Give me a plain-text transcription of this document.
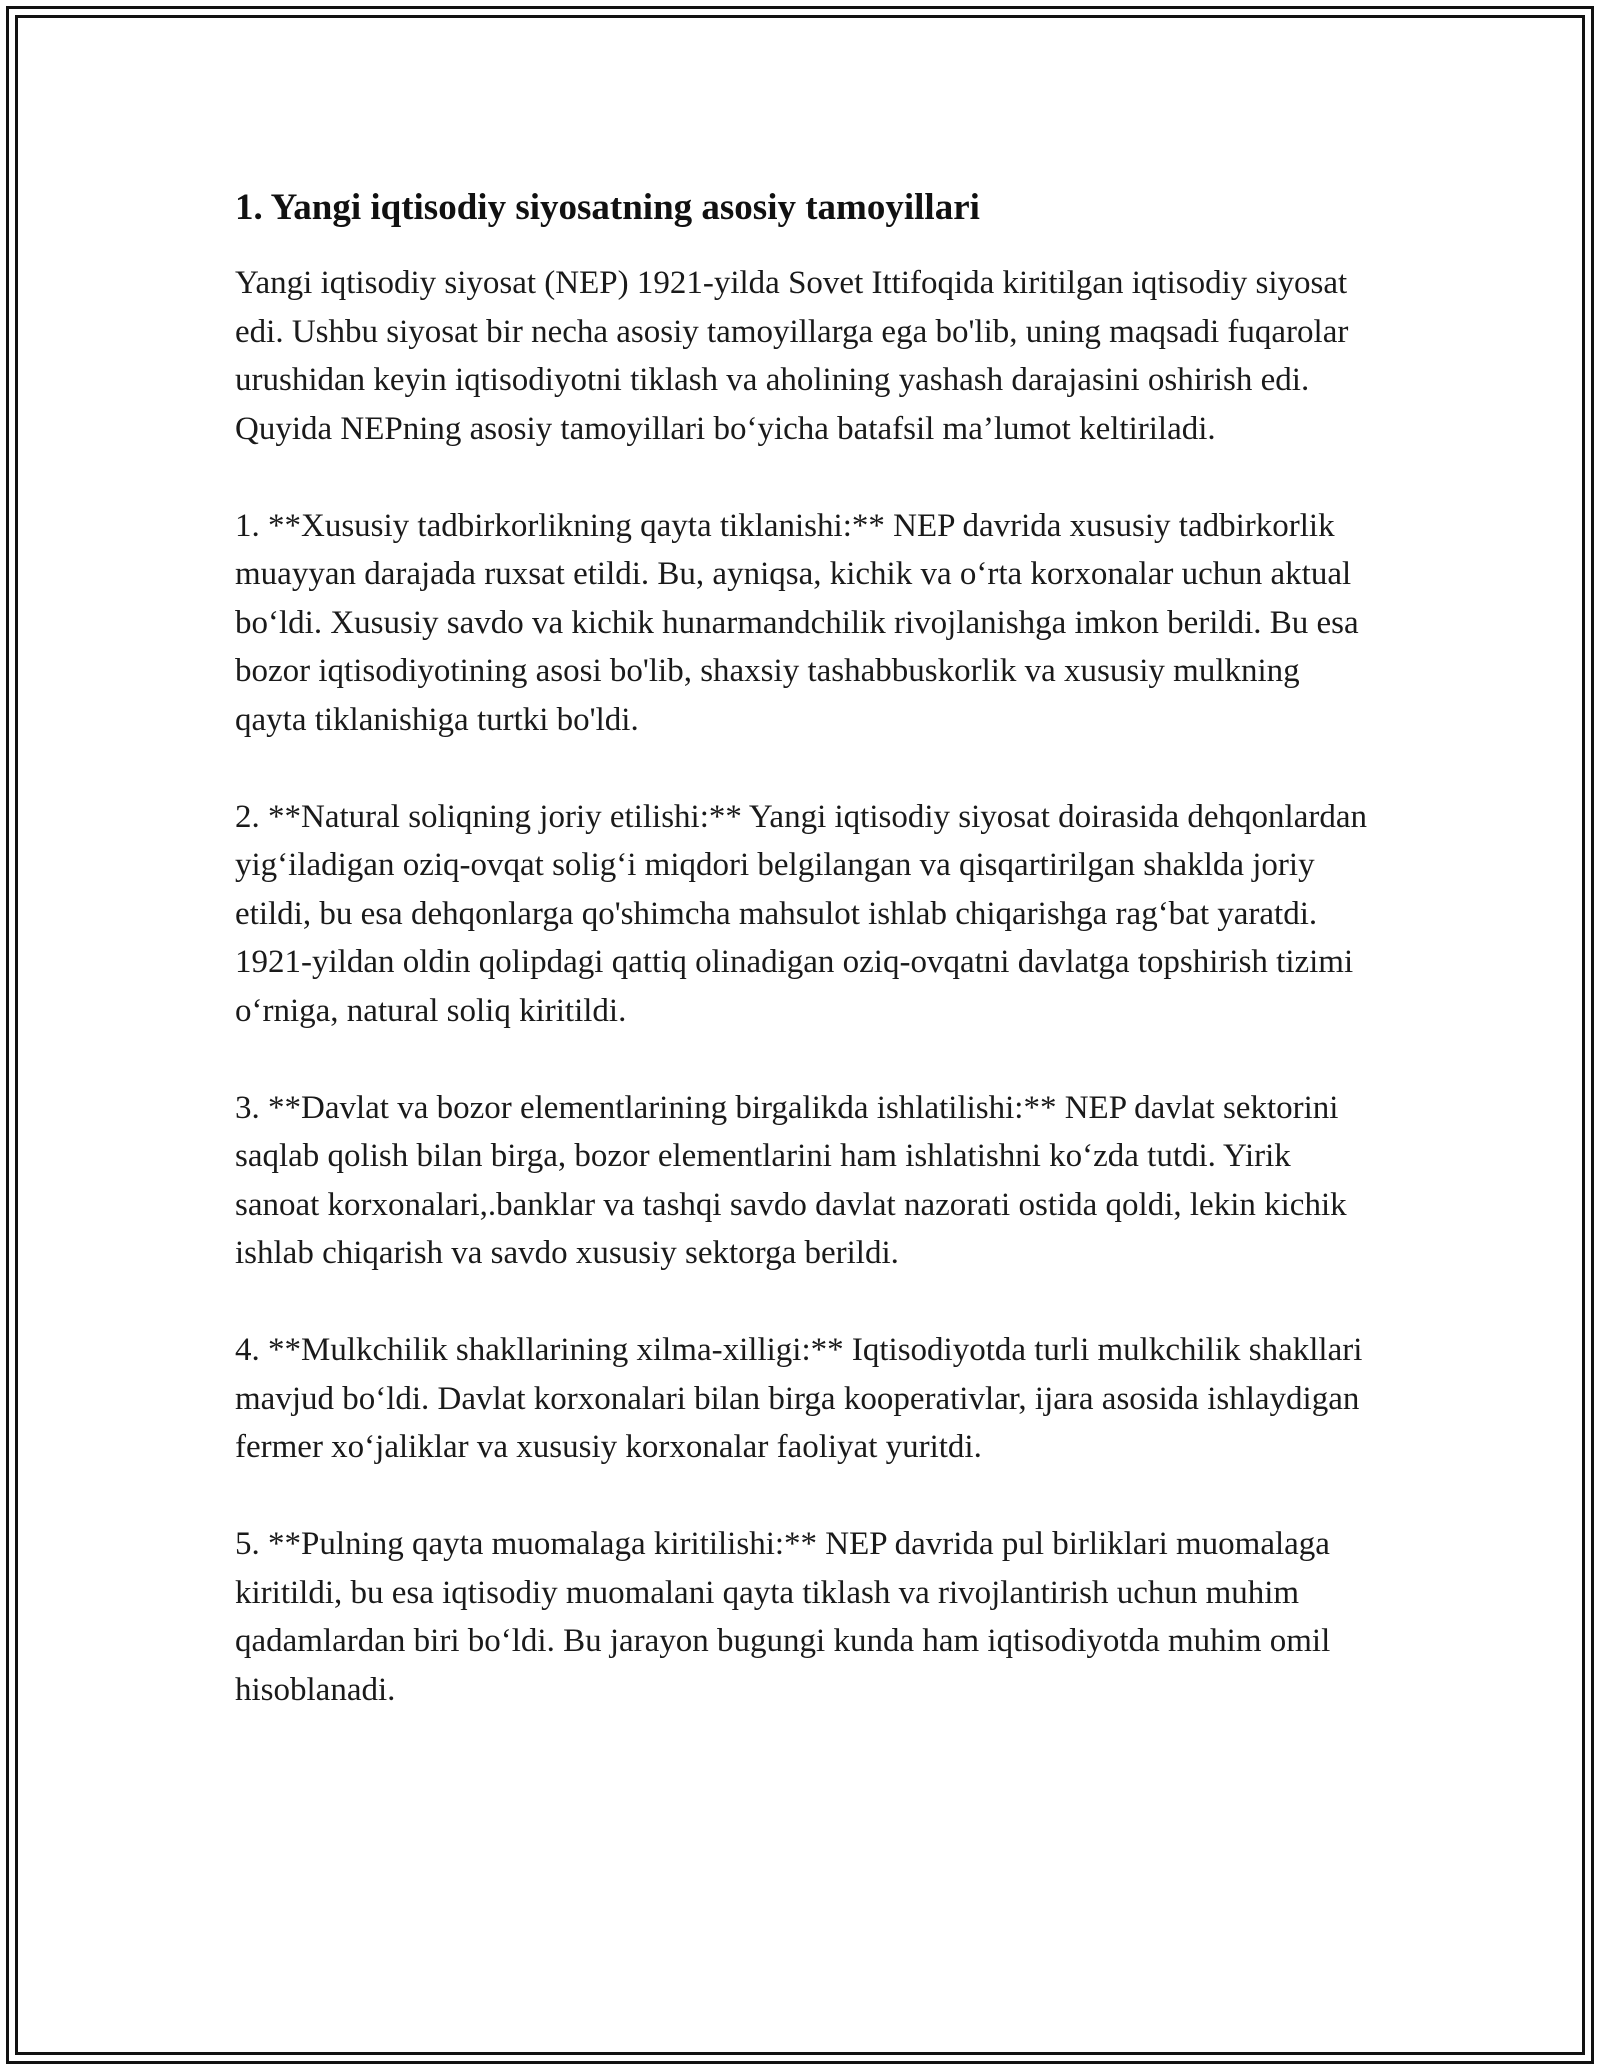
1. Yangi iqtisodiy siyosatning asosiy tamoyillari

Yangi iqtisodiy siyosat (NEP) 1921-yilda Sovet Ittifoqida kiritilgan iqtisodiy siyosat edi. Ushbu siyosat bir necha asosiy tamoyillarga ega bo'lib, uning maqsadi fuqarolar urushidan keyin iqtisodiyotni tiklash va aholining yashash darajasini oshirish edi. Quyida NEPning asosiy tamoyillari bo‘yicha batafsil ma’lumot keltiriladi.

1. **Xususiy tadbirkorlikning qayta tiklanishi:** NEP davrida xususiy tadbirkorlik muayyan darajada ruxsat etildi. Bu, ayniqsa, kichik va o‘rta korxonalar uchun aktual bo‘ldi. Xususiy savdo va kichik hunarmandchilik rivojlanishga imkon berildi. Bu esa bozor iqtisodiyotining asosi bo'lib, shaxsiy tashabbuskorlik va xususiy mulkning qayta tiklanishiga turtki bo'ldi.

2. **Natural soliqning joriy etilishi:** Yangi iqtisodiy siyosat doirasida dehqonlardan yig‘iladigan oziq-ovqat solig‘i miqdori belgilangan va qisqartirilgan shaklda joriy etildi, bu esa dehqonlarga qo'shimcha mahsulot ishlab chiqarishga rag‘bat yaratdi. 1921-yildan oldin qolipdagi qattiq olinadigan oziq-ovqatni davlatga topshirish tizimi o‘rniga, natural soliq kiritildi.

3. **Davlat va bozor elementlarining birgalikda ishlatilishi:** NEP davlat sektorini saqlab qolish bilan birga, bozor elementlarini ham ishlatishni ko‘zda tutdi. Yirik sanoat korxonalari,.banklar va tashqi savdo davlat nazorati ostida qoldi, lekin kichik ishlab chiqarish va savdo xususiy sektorga berildi.

4. **Mulkchilik shakllarining xilma-xilligi:** Iqtisodiyotda turli mulkchilik shakllari mavjud bo‘ldi. Davlat korxonalari bilan birga kooperativlar, ijara asosida ishlaydigan fermer xo‘jaliklar va xususiy korxonalar faoliyat yuritdi.

5. **Pulning qayta muomalaga kiritilishi:** NEP davrida pul birliklari muomalaga kiritildi, bu esa iqtisodiy muomalani qayta tiklash va rivojlantirish uchun muhim qadamlardan biri bo‘ldi. Bu jarayon bugungi kunda ham iqtisodiyotda muhim omil hisoblanadi.
